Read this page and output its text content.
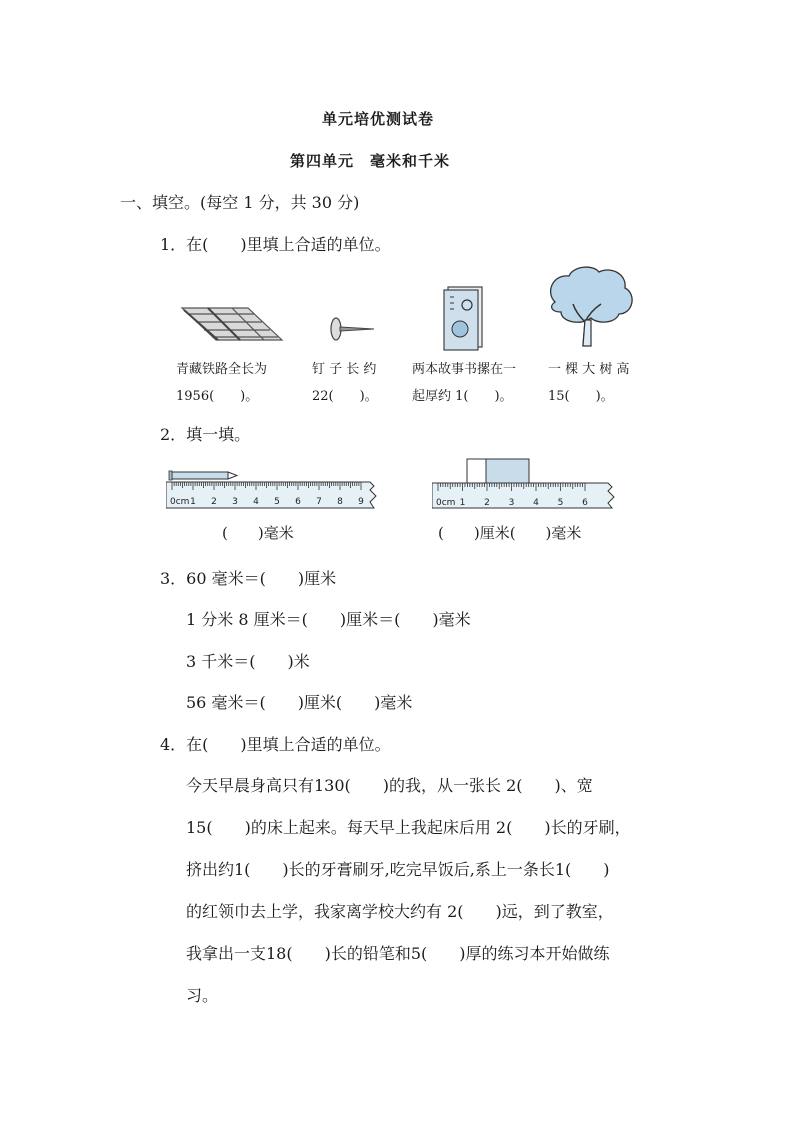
单元培优测试卷
第四单元　毫米和千米
一、填空。(每空 1 分，共 30 分)
1．在(　　)里填上合适的单位。
青藏铁路全长为
1956(　　)。
钉 子 长 约
22(　　)。
两本故事书摞在一
起厚约 1(　　)。
一 棵 大 树 高
15(　　)。
2．填一填。
0cm 1 2 3 4 5 6 7 8 9
(　　)毫米
0cm 1 2 3 4 5 6
(　　)厘米(　　)毫米
3．60 毫米＝(　　)厘米
1 分米 8 厘米＝(　　)厘米＝(　　)毫米
3 千米＝(　　)米
56 毫米＝(　　)厘米(　　)毫米
4．在(　　)里填上合适的单位。
今天早晨身高只有130(　　)的我，从一张长 2(　　)、宽
15(　　)的床上起来。每天早上我起床后用 2(　　)长的牙刷，
挤出约1(　　)长的牙膏刷牙,吃完早饭后,系上一条长1(　　)
的红领巾去上学，我家离学校大约有 2(　　)远，到了教室，
我拿出一支18(　　)长的铅笔和5(　　)厚的练习本开始做练
习。
